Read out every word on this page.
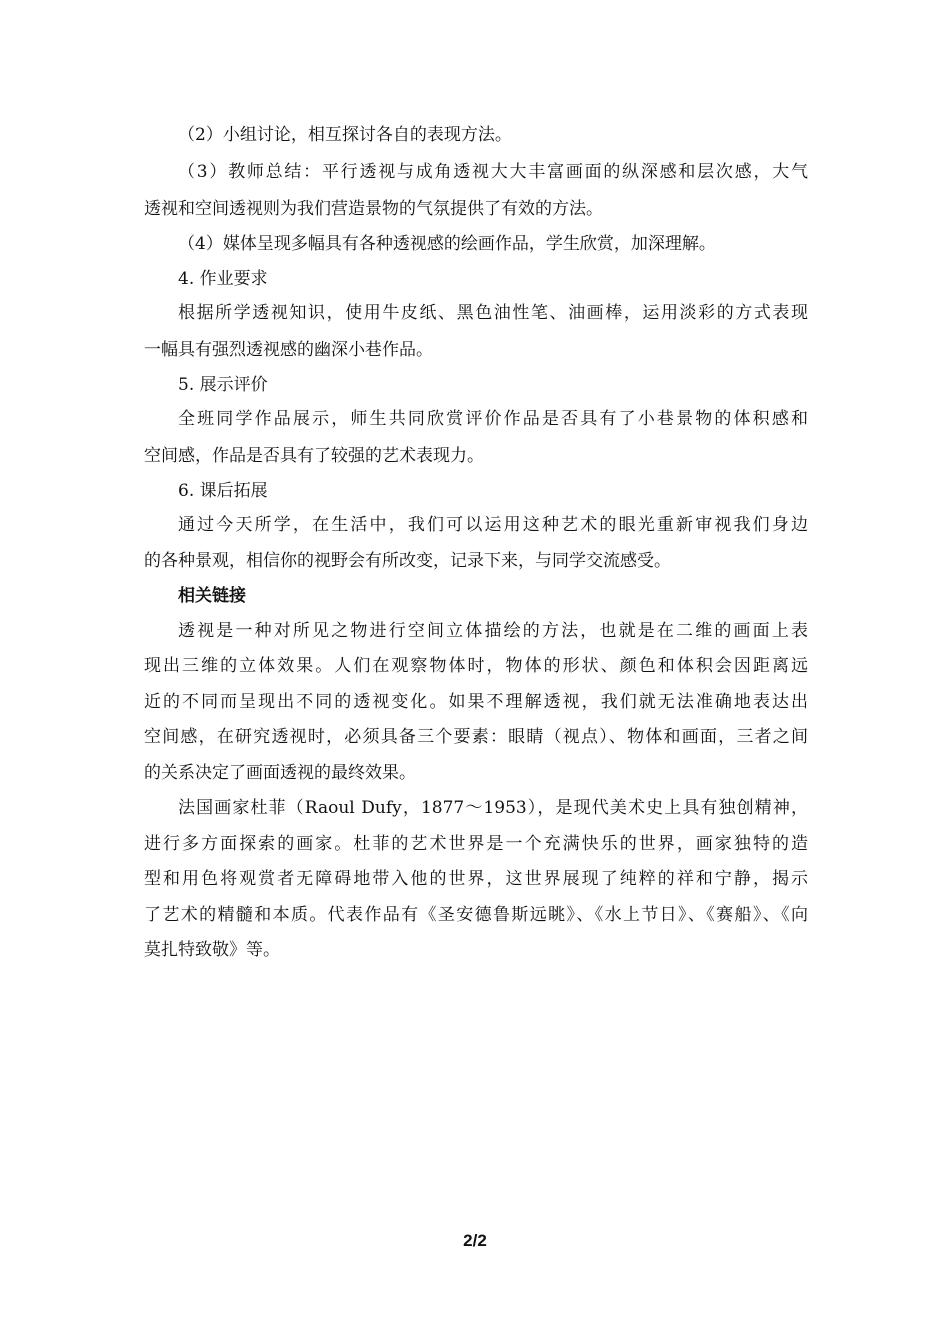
（2）小组讨论，相互探讨各自的表现方法。
（3）教师总结：平行透视与成角透视大大丰富画面的纵深感和层次感，大气
透视和空间透视则为我们营造景物的气氛提供了有效的方法。
（4）媒体呈现多幅具有各种透视感的绘画作品，学生欣赏，加深理解。
4. 作业要求
根据所学透视知识，使用牛皮纸、黑色油性笔、油画棒，运用淡彩的方式表现
一幅具有强烈透视感的幽深小巷作品。
5. 展示评价
全班同学作品展示，师生共同欣赏评价作品是否具有了小巷景物的体积感和
空间感，作品是否具有了较强的艺术表现力。
6. 课后拓展
通过今天所学，在生活中，我们可以运用这种艺术的眼光重新审视我们身边
的各种景观，相信你的视野会有所改变，记录下来，与同学交流感受。
相关链接
透视是一种对所见之物进行空间立体描绘的方法，也就是在二维的画面上表
现出三维的立体效果。人们在观察物体时，物体的形状、颜色和体积会因距离远
近的不同而呈现出不同的透视变化。如果不理解透视，我们就无法准确地表达出
空间感，在研究透视时，必须具备三个要素：眼睛（视点）、物体和画面，三者之间
的关系决定了画面透视的最终效果。
法国画家杜菲（Raoul Dufy，1877～1953），是现代美术史上具有独创精神，
进行多方面探索的画家。杜菲的艺术世界是一个充满快乐的世界，画家独特的造
型和用色将观赏者无障碍地带入他的世界，这世界展现了纯粹的祥和宁静，揭示
了艺术的精髓和本质。代表作品有《圣安德鲁斯远眺》、《水上节日》、《赛船》、《向
莫扎特致敬》等。
2/2
